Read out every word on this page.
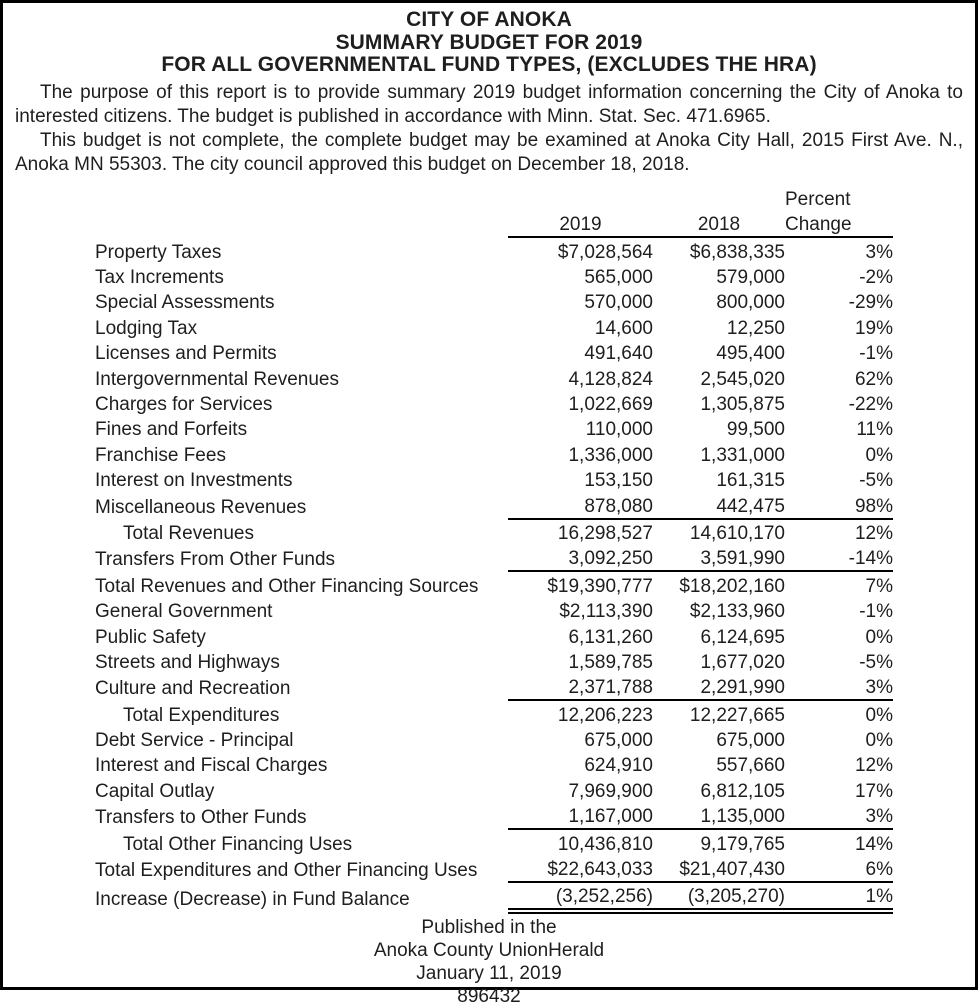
CITY OF ANOKA
SUMMARY BUDGET FOR 2019
FOR ALL GOVERNMENTAL FUND TYPES, (EXCLUDES THE HRA)

The purpose of this report is to provide summary 2019 budget information concerning the City of Anoka to interested citizens. The budget is published in accordance with Minn. Stat. Sec. 471.6965.

This budget is not complete, the complete budget may be examined at Anoka City Hall, 2015 First Ave. N., Anoka MN 55303. The city council approved this budget on December 18, 2018.

			Percent
	2019	2018	Change
Property Taxes	$7,028,564	$6,838,335	3%
Tax Increments	565,000	579,000	-2%
Special Assessments	570,000	800,000	-29%
Lodging Tax	14,600	12,250	19%
Licenses and Permits	491,640	495,400	-1%
Intergovernmental Revenues	4,128,824	2,545,020	62%
Charges for Services	1,022,669	1,305,875	-22%
Fines and Forfeits	110,000	99,500	11%
Franchise Fees	1,336,000	1,331,000	0%
Interest on Investments	153,150	161,315	-5%
Miscellaneous Revenues	878,080	442,475	98%
Total Revenues	16,298,527	14,610,170	12%
Transfers From Other Funds	3,092,250	3,591,990	-14%
Total Revenues and Other Financing Sources	$19,390,777	$18,202,160	7%
General Government	$2,113,390	$2,133,960	-1%
Public Safety	6,131,260	6,124,695	0%
Streets and Highways	1,589,785	1,677,020	-5%
Culture and Recreation	2,371,788	2,291,990	3%
Total Expenditures	12,206,223	12,227,665	0%
Debt Service - Principal	675,000	675,000	0%
Interest and Fiscal Charges	624,910	557,660	12%
Capital Outlay	7,969,900	6,812,105	17%
Transfers to Other Funds	1,167,000	1,135,000	3%
Total Other Financing Uses	10,436,810	9,179,765	14%
Total Expenditures and Other Financing Uses	$22,643,033	$21,407,430	6%
Increase (Decrease) in Fund Balance	(3,252,256)	(3,205,270)	1%
Published in the
Anoka County UnionHerald
January 11, 2019
896432
